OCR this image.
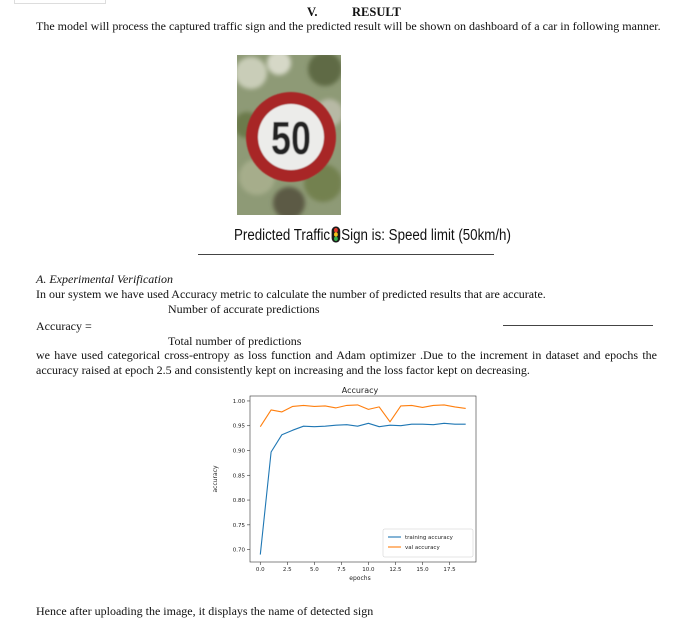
V.	RESULT
The model will process the captured traffic sign and the predicted result will be shown on dashboard of a car in following manner.
50
Predicted Traffic Sign is: Speed limit (50km/h)
A. Experimental Verification
In our system we have used Accuracy metric to calculate the number of predicted results that are accurate.
Number of accurate predictions
Accuracy =
Total number of predictions
we have used categorical cross-entropy as loss function and Adam optimizer .Due to the increment in dataset and epochs the accuracy raised at epoch 2.5 and consistently kept on increasing and the loss factor kept on decreasing.
Accuracy
accuracy
epochs
0.70
0.75
0.80
0.85
0.90
0.95
1.00
0.0	2.5	5.0	7.5	10.0	12.5	15.0	17.5
training accuracy
val accuracy
Hence after uploading the image, it displays the name of detected sign
